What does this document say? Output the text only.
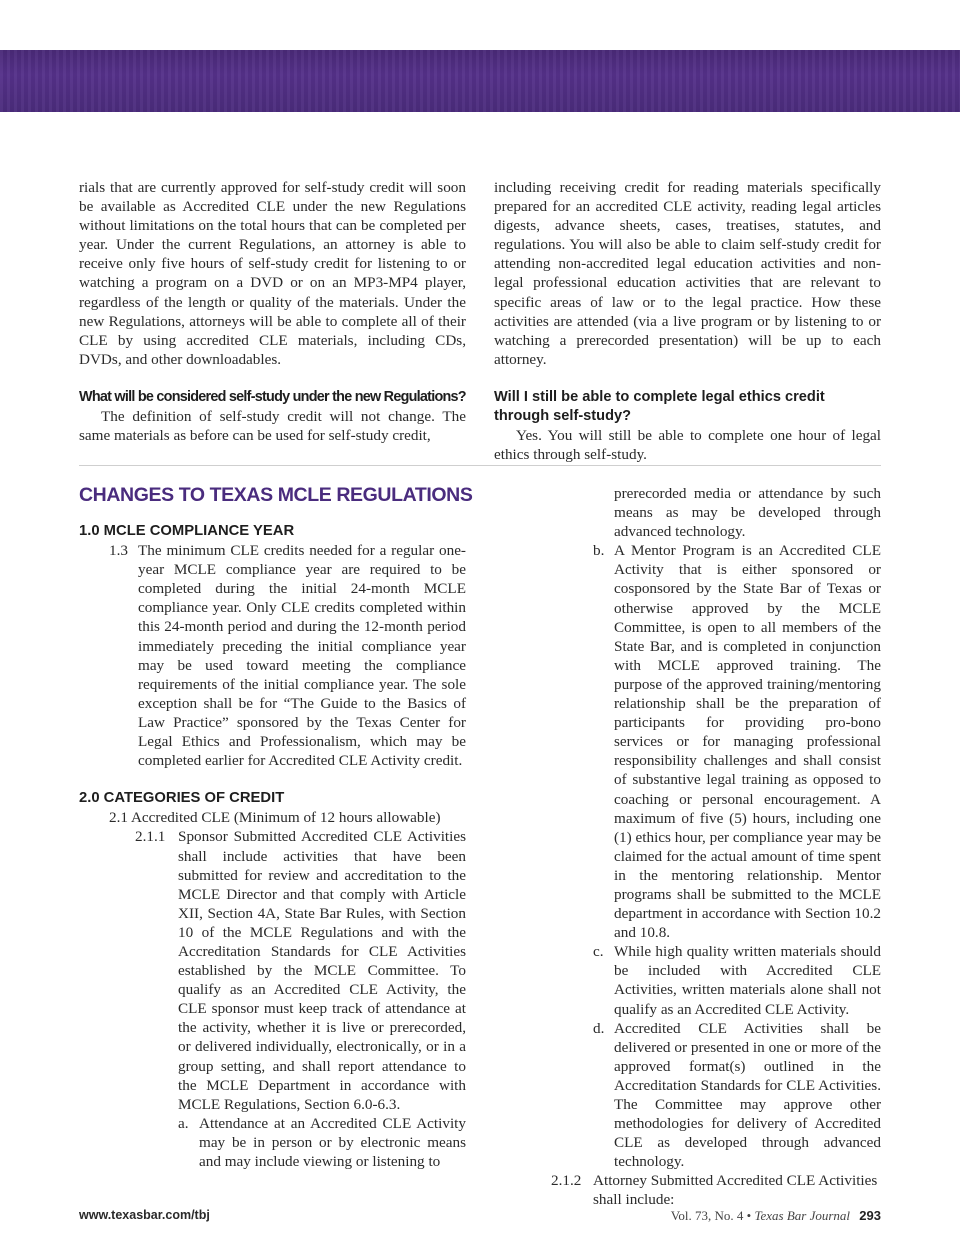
rials that are currently approved for self-study credit will soon be available as Accredited CLE under the new Regulations without limitations on the total hours that can be completed per year. Under the current Regulations, an attorney is able to receive only five hours of self-study credit for listening to or watching a program on a DVD or on an MP3-MP4 player, regardless of the length or quality of the materials. Under the new Regulations, attorneys will be able to complete all of their CLE by using accredited CLE materials, including CDs, DVDs, and other downloadables.

What will be considered self-study under the new Regulations?

The definition of self-study credit will not change. The same materials as before can be used for self-study credit,

including receiving credit for reading materials specifically prepared for an accredited CLE activity, reading legal articles digests, advance sheets, cases, treatises, statutes, and regulations. You will also be able to claim self-study credit for attending non-accredited legal education activities and non-legal professional education activities that are relevant to specific areas of law or to the legal practice. How these activities are attended (via a live program or by listening to or watching a prerecorded presentation) will be up to each attorney.

Will I still be able to complete legal ethics credit through self-study?

Yes. You will still be able to complete one hour of legal ethics through self-study.

CHANGES TO TEXAS MCLE REGULATIONS

1.0 MCLE COMPLIANCE YEAR

1.3 The minimum CLE credits needed for a regular one-year MCLE compliance year are required to be completed during the initial 24-month MCLE compliance year. Only CLE credits completed within this 24-month period and during the 12-month period immediately preceding the initial compliance year may be used toward meeting the compliance requirements of the initial compliance year. The sole exception shall be for “The Guide to the Basics of Law Practice” sponsored by the Texas Center for Legal Ethics and Professionalism, which may be completed earlier for Accredited CLE Activity credit.

2.0 CATEGORIES OF CREDIT

2.1 Accredited CLE (Minimum of 12 hours allowable)

2.1.1 Sponsor Submitted Accredited CLE Activities shall include activities that have been submitted for review and accreditation to the MCLE Director and that comply with Article XII, Section 4A, State Bar Rules, with Section 10 of the MCLE Regulations and with the Accreditation Standards for CLE Activities established by the MCLE Committee. To qualify as an Accredited CLE Activity, the CLE sponsor must keep track of attendance at the activity, whether it is live or prerecorded, or delivered individually, electronically, or in a group setting, and shall report attendance to the MCLE Department in accordance with MCLE Regulations, Section 6.0-6.3.

a. Attendance at an Accredited CLE Activity may be in person or by electronic means and may include viewing or listening to

prerecorded media or attendance by such means as may be developed through advanced technology.

b. A Mentor Program is an Accredited CLE Activity that is either sponsored or cosponsored by the State Bar of Texas or otherwise approved by the MCLE Committee, is open to all members of the State Bar, and is completed in conjunction with MCLE approved training. The purpose of the approved training/mentoring relationship shall be the preparation of participants for providing pro-bono services or for managing professional responsibility challenges and shall consist of substantive legal training as opposed to coaching or personal encouragement. A maximum of five (5) hours, including one (1) ethics hour, per compliance year may be claimed for the actual amount of time spent in the mentoring relationship. Mentor programs shall be submitted to the MCLE department in accordance with Section 10.2 and 10.8.

c. While high quality written materials should be included with Accredited CLE Activities, written materials alone shall not qualify as an Accredited CLE Activity.

d. Accredited CLE Activities shall be delivered or presented in one or more of the approved format(s) outlined in the Accreditation Standards for CLE Activities. The Committee may approve other methodologies for delivery of Accredited CLE as developed through advanced technology.

2.1.2 Attorney Submitted Accredited CLE Activities shall include:

www.texasbar.com/tbj	Vol. 73, No. 4 • Texas Bar Journal 293
